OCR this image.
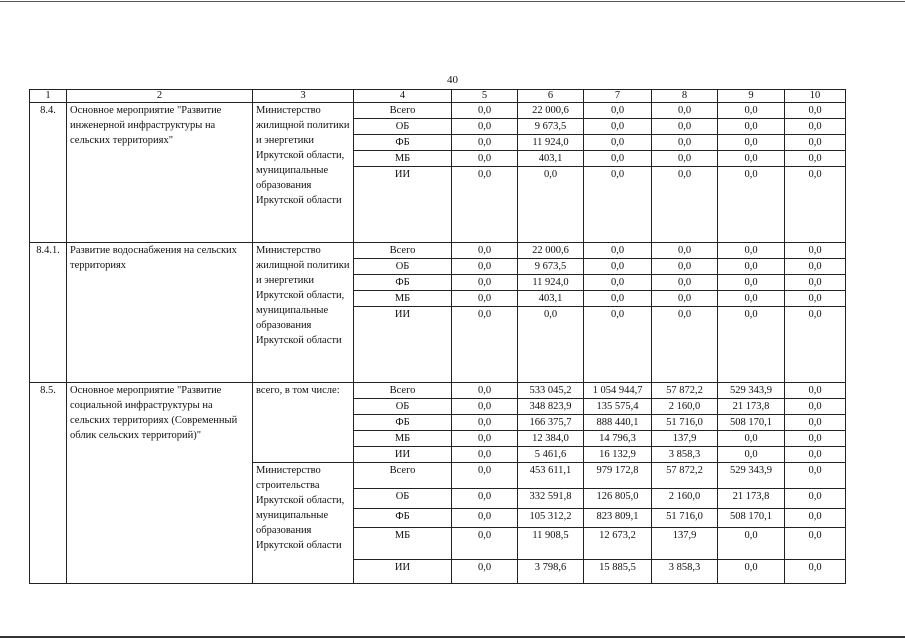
40
1	2	3	4	5	6	7	8	9	10
8.4.	Основное мероприятие "Развитие инженерной инфраструктуры на сельских территориях"	Министерство жилищной политики и энергетики Иркутской области, муниципальные образования Иркутской области	Всего	0,0	22 000,6	0,0	0,0	0,0	0,0
			ОБ	0,0	9 673,5	0,0	0,0	0,0	0,0
			ФБ	0,0	11 924,0	0,0	0,0	0,0	0,0
			МБ	0,0	403,1	0,0	0,0	0,0	0,0
			ИИ	0,0	0,0	0,0	0,0	0,0	0,0
8.4.1.	Развитие водоснабжения на сельских территориях	Министерство жилищной политики и энергетики Иркутской области, муниципальные образования Иркутской области	Всего	0,0	22 000,6	0,0	0,0	0,0	0,0
			ОБ	0,0	9 673,5	0,0	0,0	0,0	0,0
			ФБ	0,0	11 924,0	0,0	0,0	0,0	0,0
			МБ	0,0	403,1	0,0	0,0	0,0	0,0
			ИИ	0,0	0,0	0,0	0,0	0,0	0,0
8.5.	Основное мероприятие "Развитие социальной инфраструктуры на сельских территориях (Современный облик сельских территорий)"	всего, в том числе:	Всего	0,0	533 045,2	1 054 944,7	57 872,2	529 343,9	0,0
			ОБ	0,0	348 823,9	135 575,4	2 160,0	21 173,8	0,0
			ФБ	0,0	166 375,7	888 440,1	51 716,0	508 170,1	0,0
			МБ	0,0	12 384,0	14 796,3	137,9	0,0	0,0
			ИИ	0,0	5 461,6	16 132,9	3 858,3	0,0	0,0
		Министерство строительства Иркутской области, муниципальные образования Иркутской области	Всего	0,0	453 611,1	979 172,8	57 872,2	529 343,9	0,0
			ОБ	0,0	332 591,8	126 805,0	2 160,0	21 173,8	0,0
			ФБ	0,0	105 312,2	823 809,1	51 716,0	508 170,1	0,0
			МБ	0,0	11 908,5	12 673,2	137,9	0,0	0,0
			ИИ	0,0	3 798,6	15 885,5	3 858,3	0,0	0,0
